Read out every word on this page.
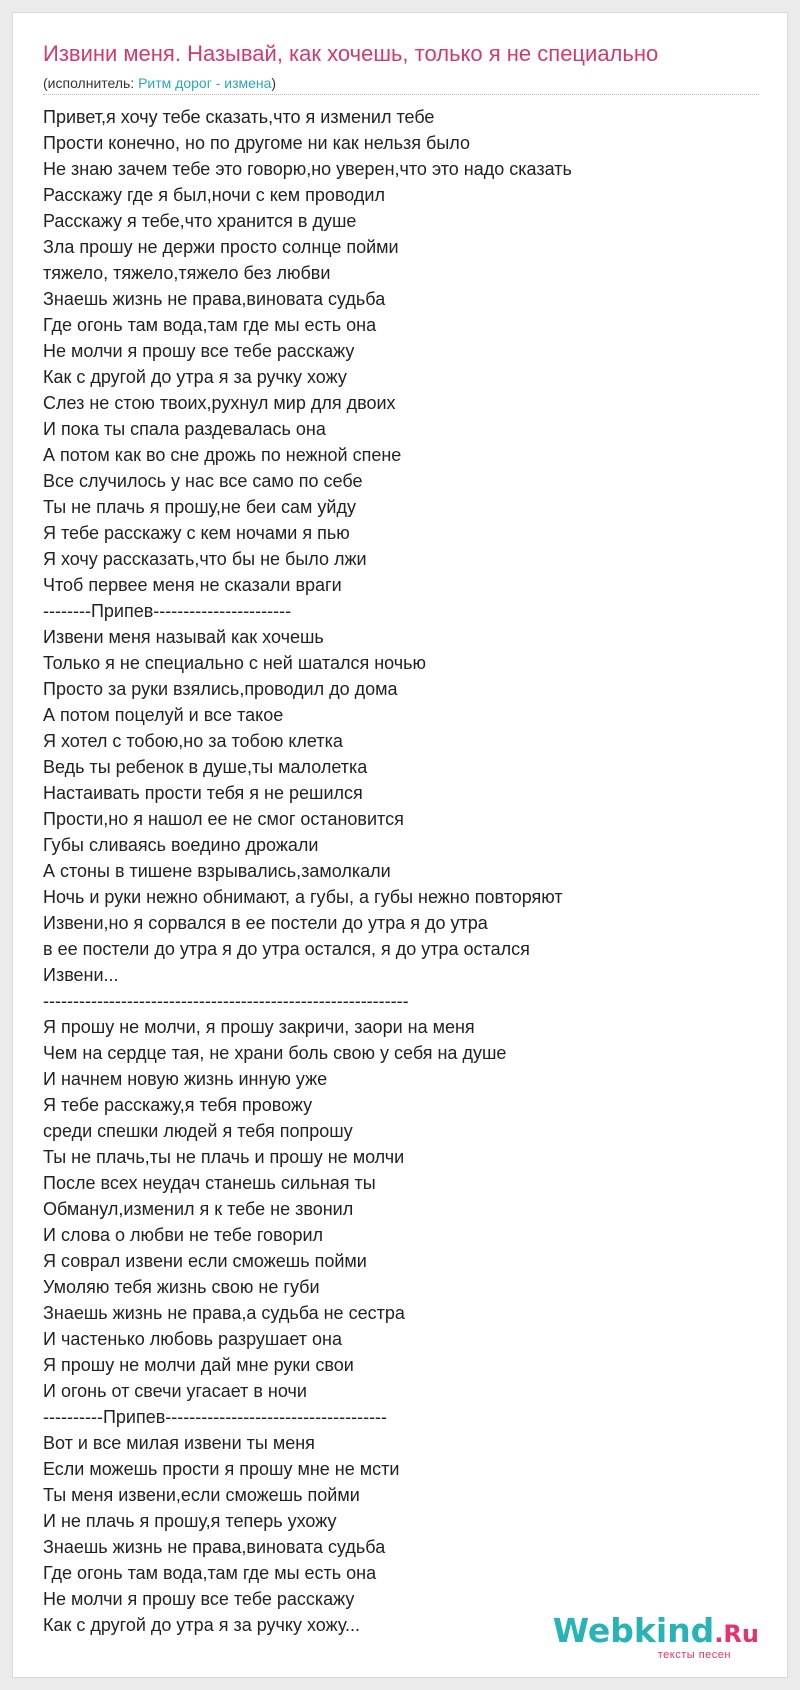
Извини меня. Называй, как хочешь, только я не специально
(исполнитель: Ритм дорог - измена)
Привет,я хочу тебе сказать,что я изменил тебе
Прости конечно, но по другоме ни как нельзя было
Не знаю зачем тебе это говорю,но уверен,что это надо сказать
Расскажу где я был,ночи с кем проводил
Расскажу я тебе,что хранится в душе
Зла прошу не держи просто солнце пойми
тяжело, тяжело,тяжело без любви
Знаешь жизнь не права,виновата судьба
Где огонь там вода,там где мы есть она
Не молчи я прошу все тебе расскажу
Как с другой до утра я за ручку хожу
Слез не стою твоих,рухнул мир для двоих
И пока ты спала раздевалась она
А потом как во сне дрожь по нежной спене
Все случилось у нас все само по себе
Ты не плачь я прошу,не беи сам уйду
Я тебе расскажу с кем ночами я пью
Я хочу рассказать,что бы не было лжи
Чтоб первее меня не сказали враги
--------Припев-----------------------
Извени меня называй как хочешь
Только я не специально с ней шатался ночью
Просто за руки взялись,проводил до дома
А потом поцелуй и все такое
Я хотел с тобою,но за тобою клетка
Ведь ты ребенок в душе,ты малолетка
Настаивать прости тебя я не решился
Прости,но я нашол ее не смог остановится
Губы сливаясь воедино дрожали
А стоны в тишене взрывались,замолкали
Ночь и руки нежно обнимают, а губы, а губы нежно повторяют
Извени,но я сорвался в ее постели до утра я до утра
в ее постели до утра я до утра остался, я до утра остался
Извени...
-------------------------------------------------------------
Я прошу не молчи, я прошу закричи, заори на меня
Чем на сердце тая, не храни боль свою у себя на душе
И начнем новую жизнь инную уже
Я тебе расскажу,я тебя провожу
среди спешки людей я тебя попрошу
Ты не плачь,ты не плачь и прошу не молчи
После всех неудач станешь сильная ты
Обманул,изменил я к тебе не звонил
И слова о любви не тебе говорил
Я соврал извени если сможешь пойми
Умоляю тебя жизнь свою не губи
Знаешь жизнь не права,а судьба не сестра
И частенько любовь разрушает она
Я прошу не молчи дай мне руки свои
И огонь от свечи угасает в ночи
----------Припев-------------------------------------
Вот и все милая извени ты меня
Если можешь прости я прошу мне не мсти
Ты меня извени,если сможешь пойми
И не плачь я прошу,я теперь ухожу
Знаешь жизнь не права,виновата судьба
Где огонь там вода,там где мы есть она
Не молчи я прошу все тебе расскажу
Как с другой до утра я за ручку хожу...	Webkind.Ru
тексты песен
